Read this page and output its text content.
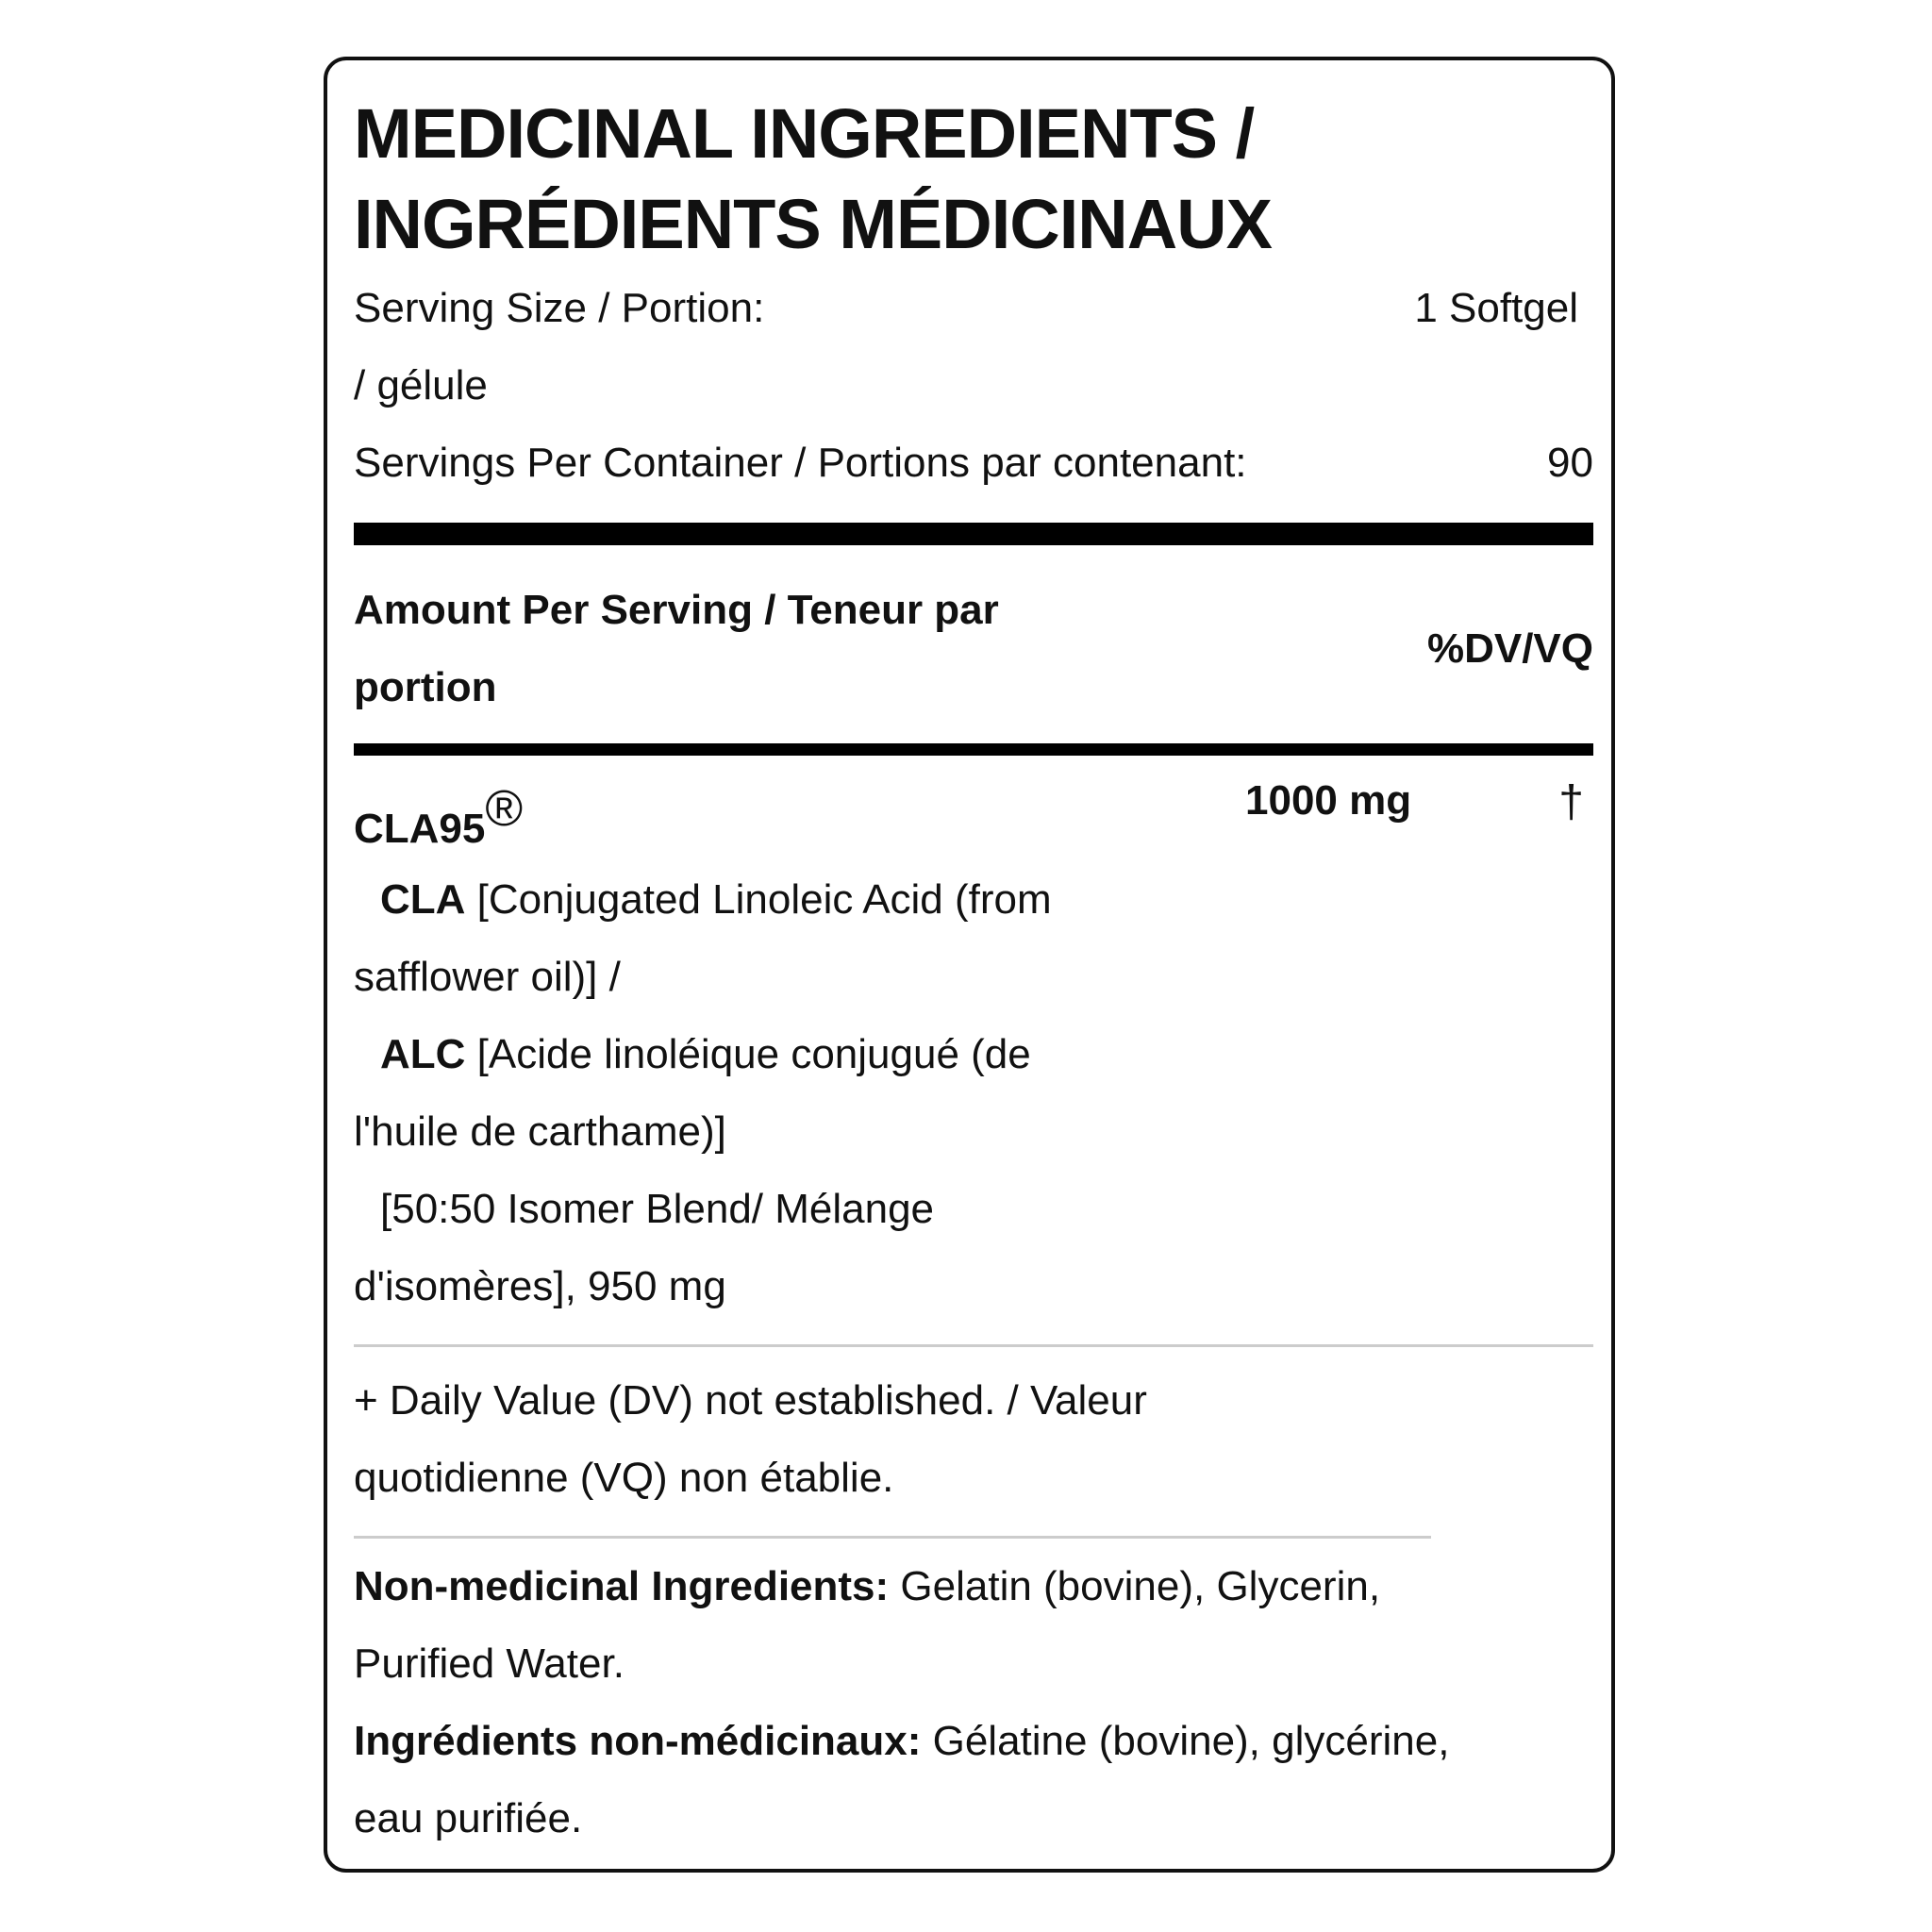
MEDICINAL INGREDIENTS /
INGRÉDIENTS MÉDICINAUX
Serving Size / Portion:	1 Softgel
/ gélule
Servings Per Container / Portions par contenant:	90
Amount Per Serving / Teneur par
portion
%DV/VQ
CLA95®	1000 mg	†
CLA [Conjugated Linoleic Acid (from
safflower oil)] /
ALC [Acide linoléique conjugué (de
l'huile de carthame)]
[50:50 Isomer Blend/ Mélange
d'isomères], 950 mg
+ Daily Value (DV) not established. / Valeur
quotidienne (VQ) non établie.
Non-medicinal Ingredients: Gelatin (bovine), Glycerin,
Purified Water.
Ingrédients non-médicinaux: Gélatine (bovine), glycérine,
eau purifiée.
